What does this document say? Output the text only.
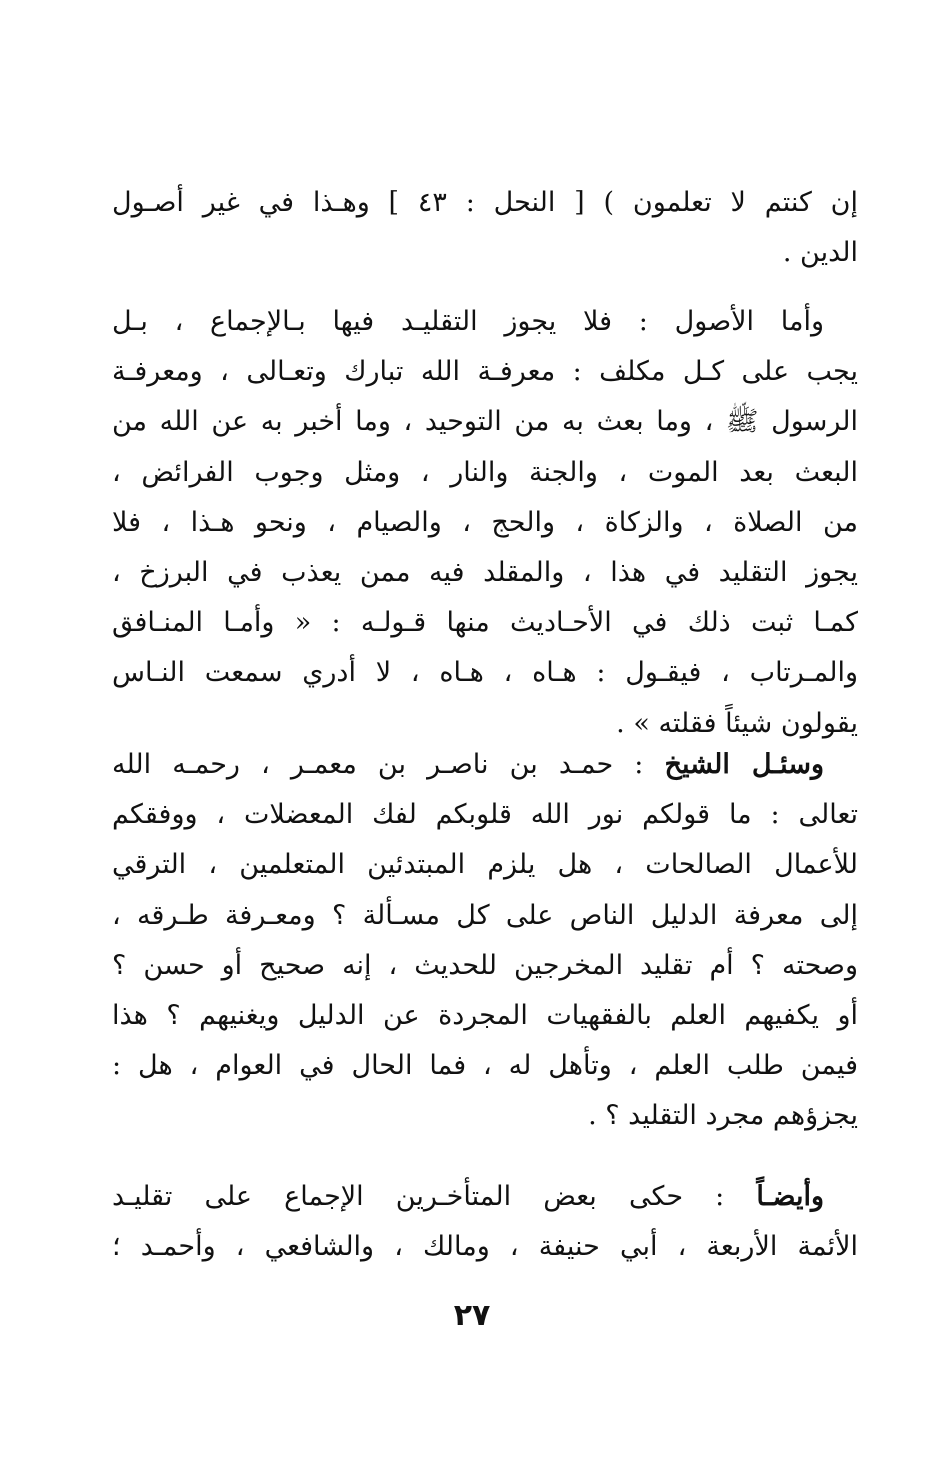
إن كنتم لا تعلمون ) [ النحل : ٤٣ ] وهـذا في غير أصـول
الدين .
وأما الأصول : فلا يجوز التقليـد فيها بـالإجماع ، بـل
يجب على كـل مكلف : معرفـة الله تبارك وتعـالى ، ومعرفـة
الرسول ﷺ ، وما بعث به من التوحيد ، وما أخبر به عن الله من
البعث بعد الموت ، والجنة والنار ، ومثل وجوب الفرائض ،
من الصلاة ، والزكاة ، والحج ، والصيام ، ونحو هـذا ، فلا
يجوز التقليد في هذا ، والمقلد فيه ممن يعذب في البرزخ ،
كمـا ثبت ذلك في الأحـاديث منها قـولـه : « وأمـا المنـافق
والمـرتاب ، فيقـول : هـاه ، هـاه ، لا أدري سمعت النـاس
يقولون شيئاً فقلته » .
وسئـل الشيخ : حمـد بن ناصـر بن معمـر ، رحمـه الله
تعالى : ما قولكم نور الله قلوبكم لفك المعضلات ، ووفقكم
للأعمال الصالحات ، هل يلزم المبتدئين المتعلمين ، الترقي
إلى معرفة الدليل الناص على كل مسـألة ؟ ومعـرفة طـرقه ،
وصحته ؟ أم تقليد المخرجين للحديث ، إنه صحيح أو حسن ؟
أو يكفيهم العلم بالفقهيات المجردة عن الدليل ويغنيهم ؟ هذا
فيمن طلب العلم ، وتأهل له ، فما الحال في العوام ، هل :
يجزؤهم مجرد التقليد ؟ .
وأيضـاً : حكى بعض المتأخـرين الإجماع على تقليـد
الأئمة الأربعة ، أبي حنيفة ، ومالك ، والشافعي ، وأحمـد ؛
٢٧
